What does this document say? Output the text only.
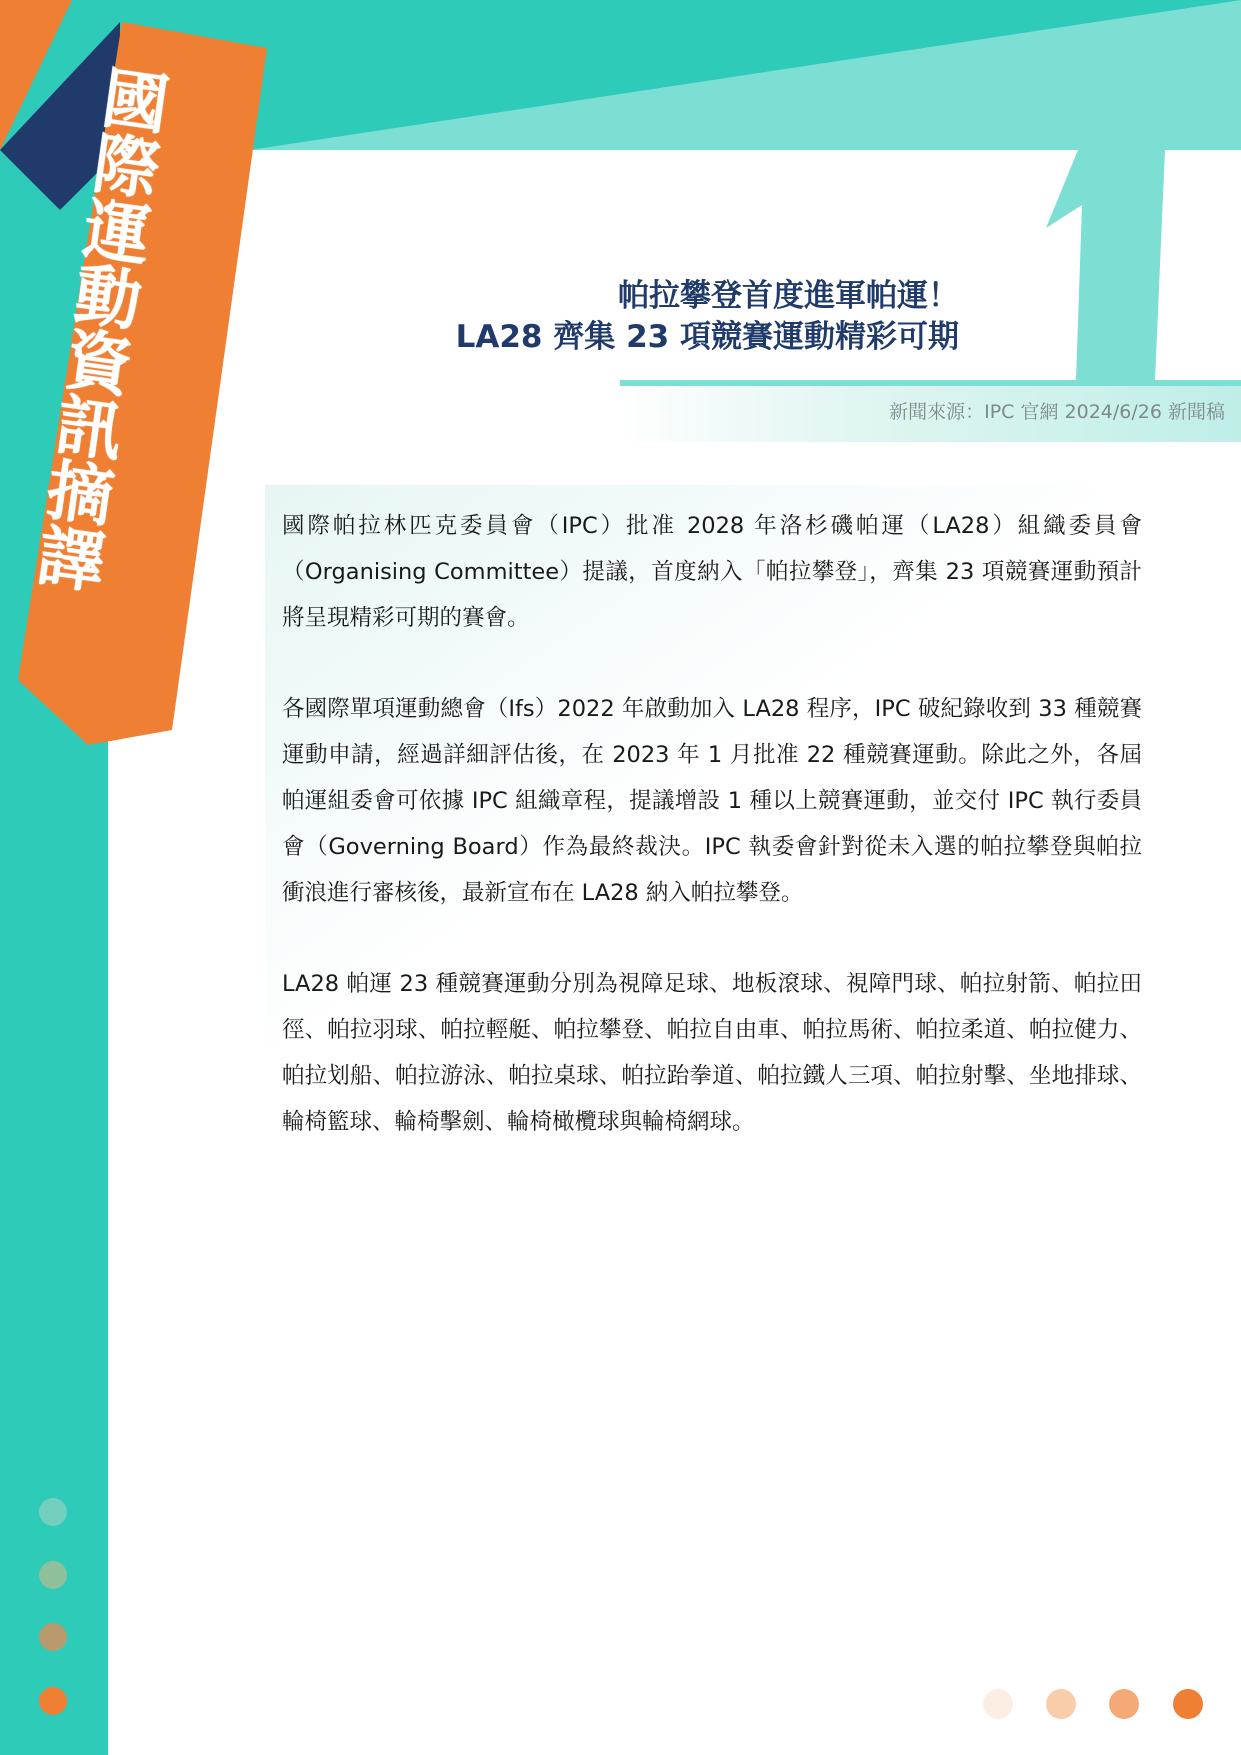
國
際
運
動
資
訊
摘
譯
帕拉攀登首度進軍帕運！
LA28 齊集 23 項競賽運動精彩可期
新聞來源：IPC 官網 2024/6/26 新聞稿

國際帕拉林匹克委員會（IPC）批准 2028 年洛杉磯帕運（LA28）組織委員會（Organising Committee）提議，首度納入「帕拉攀登」，齊集 23 項競賽運動預計將呈現精彩可期的賽會。

各國際單項運動總會（Ifs）2022 年啟動加入 LA28 程序，IPC 破紀錄收到 33 種競賽運動申請，經過詳細評估後，在 2023 年 1 月批准 22 種競賽運動。除此之外，各屆帕運組委會可依據 IPC 組織章程，提議增設 1 種以上競賽運動，並交付 IPC 執行委員會（Governing Board）作為最終裁決。IPC 執委會針對從未入選的帕拉攀登與帕拉衝浪進行審核後，最新宣布在 LA28 納入帕拉攀登。

LA28 帕運 23 種競賽運動分別為視障足球、地板滾球、視障門球、帕拉射箭、帕拉田徑、帕拉羽球、帕拉輕艇、帕拉攀登、帕拉自由車、帕拉馬術、帕拉柔道、帕拉健力、帕拉划船、帕拉游泳、帕拉桌球、帕拉跆拳道、帕拉鐵人三項、帕拉射擊、坐地排球、輪椅籃球、輪椅擊劍、輪椅橄欖球與輪椅網球。
